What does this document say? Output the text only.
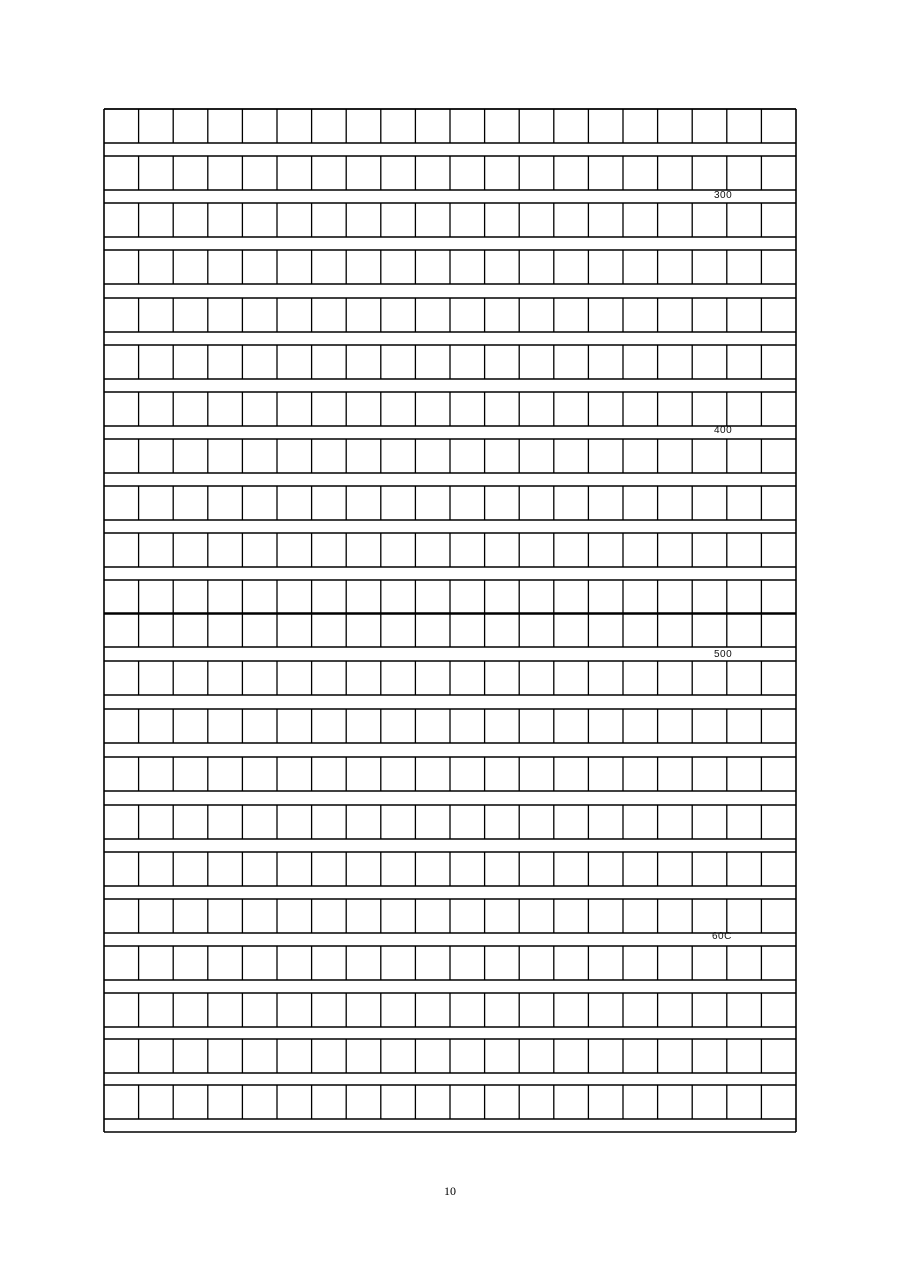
300
400
500
60C
10
